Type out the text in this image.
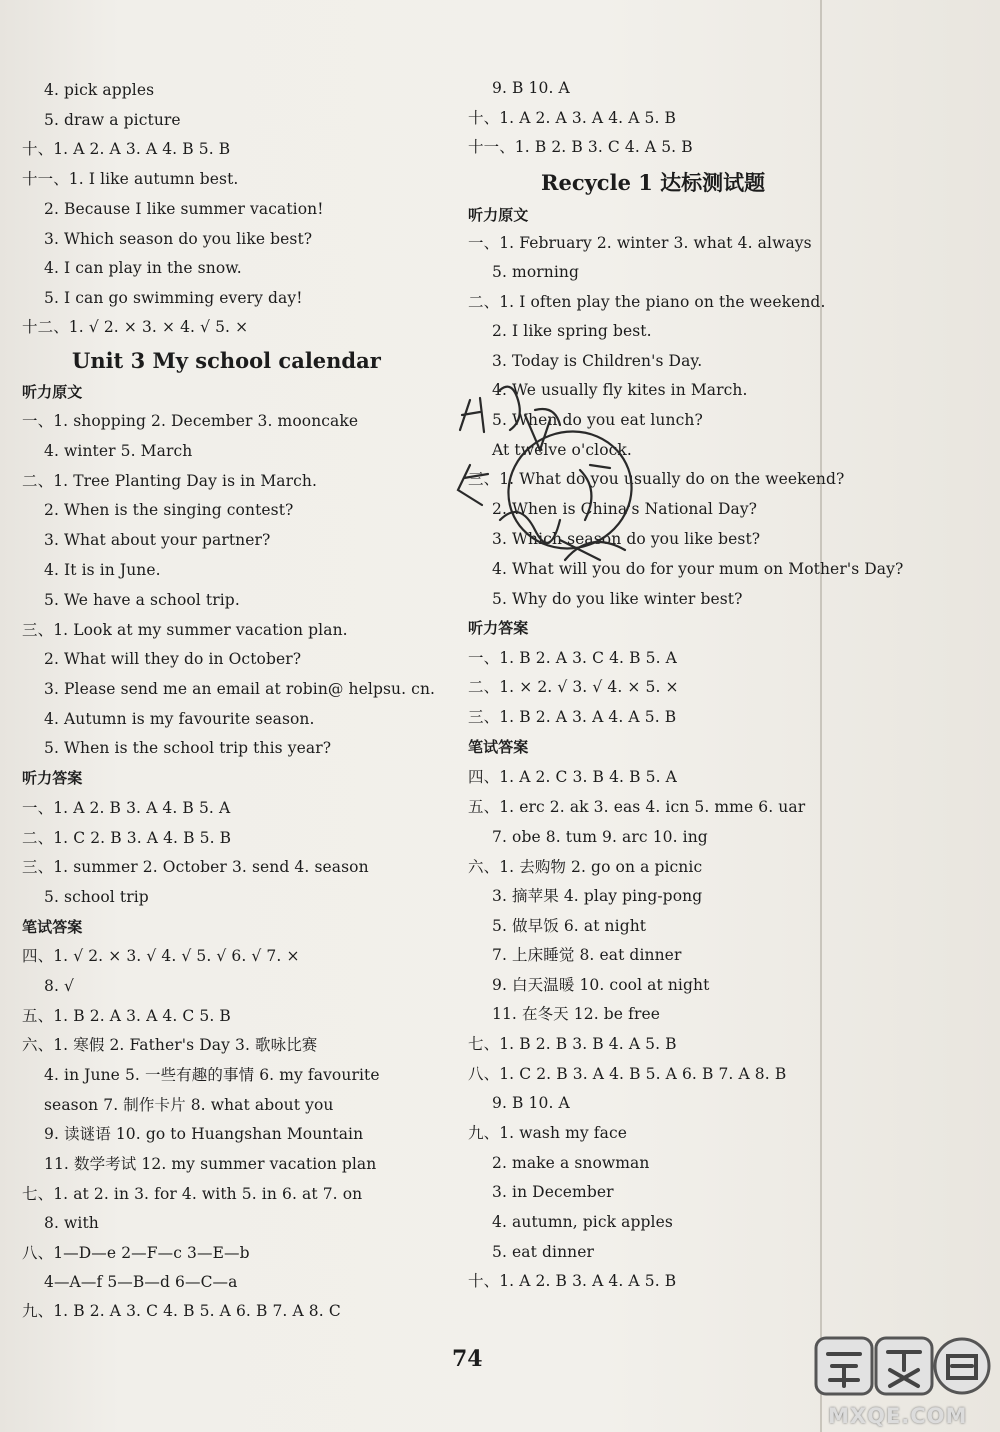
4. pick apples
5. draw a picture
十、1. A 2. A 3. A 4. B 5. B
十一、1. I like autumn best.
2. Because I like summer vacation!
3. Which season do you like best?
4. I can play in the snow.
5. I can go swimming every day!
十二、1. √ 2. × 3. × 4. √ 5. ×
Unit 3 My school calendar
听力原文
一、1. shopping 2. December 3. mooncake
4. winter 5. March
二、1. Tree Planting Day is in March.
2. When is the singing contest?
3. What about your partner?
4. It is in June.
5. We have a school trip.
三、1. Look at my summer vacation plan.
2. What will they do in October?
3. Please send me an email at robin@ helpsu. cn.
4. Autumn is my favourite season.
5. When is the school trip this year?
听力答案
一、1. A 2. B 3. A 4. B 5. A
二、1. C 2. B 3. A 4. B 5. B
三、1. summer 2. October 3. send 4. season
5. school trip
笔试答案
四、1. √ 2. × 3. √ 4. √ 5. √ 6. √ 7. ×
8. √
五、1. B 2. A 3. A 4. C 5. B
六、1. 寒假 2. Father's Day 3. 歌咏比赛
4. in June 5. 一些有趣的事情 6. my favourite
season 7. 制作卡片 8. what about you
9. 读谜语 10. go to Huangshan Mountain
11. 数学考试 12. my summer vacation plan
七、1. at 2. in 3. for 4. with 5. in 6. at 7. on
8. with
八、1—D—e 2—F—c 3—E—b
4—A—f 5—B—d 6—C—a
九、1. B 2. A 3. C 4. B 5. A 6. B 7. A 8. C
9. B 10. A
十、1. A 2. A 3. A 4. A 5. B
十一、1. B 2. B 3. C 4. A 5. B
Recycle 1 达标测试题
听力原文
一、1. February 2. winter 3. what 4. always
5. morning
二、1. I often play the piano on the weekend.
2. I like spring best.
3. Today is Children's Day.
4. We usually fly kites in March.
5. When do you eat lunch?
At twelve o'clock.
三、1. What do you usually do on the weekend?
2. When is China's National Day?
3. Which season do you like best?
4. What will you do for your mum on Mother's Day?
5. Why do you like winter best?
听力答案
一、1. B 2. A 3. C 4. B 5. A
二、1. × 2. √ 3. √ 4. × 5. ×
三、1. B 2. A 3. A 4. A 5. B
笔试答案
四、1. A 2. C 3. B 4. B 5. A
五、1. erc 2. ak 3. eas 4. icn 5. mme 6. uar
7. obe 8. tum 9. arc 10. ing
六、1. 去购物 2. go on a picnic
3. 摘苹果 4. play ping-pong
5. 做早饭 6. at night
7. 上床睡觉 8. eat dinner
9. 白天温暖 10. cool at night
11. 在冬天 12. be free
七、1. B 2. B 3. B 4. A 5. B
八、1. C 2. B 3. A 4. B 5. A 6. B 7. A 8. B
9. B 10. A
九、1. wash my face
2. make a snowman
3. in December
4. autumn, pick apples
5. eat dinner
十、1. A 2. B 3. A 4. A 5. B
74
MXQE.COM
